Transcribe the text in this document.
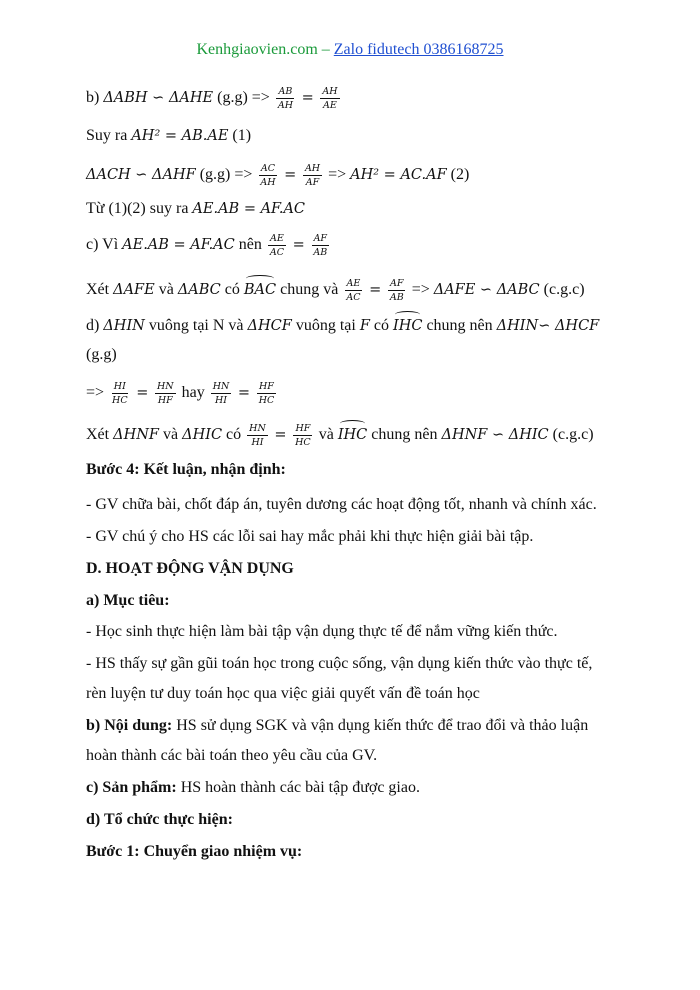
Kenhgiaovien.com – Zalo fidutech 0386168725
b) ΔABH ∽ ΔAHE $(g.g) => \frac{AB}{AH} = \frac{AH}{AE}$
Suy ra AH² = AB.AE (1)
ΔACH ∽ ΔAHF $(g.g) => \frac{AC}{AH} = \frac{AH}{AF} => AH^2 = AC.AF$ (2)
Từ (1)(2) suy ra AE.AB = AF.AC
c) Vì AE.AB = AF.AC nên $\frac{AE}{AC} = \frac{AF}{AB}$
Xét ΔAFE và ΔABC có BAC chung và $\frac{AE}{AC} = \frac{AF}{AB} => \Delta AFE$ ∽ ΔABC (c.g.c)
d) ΔHIN vuông tại N và ΔHCF vuông tại F có IHC chung nên ΔHIN∽ ΔHCF
(g.g)
=> $\frac{HI}{HC} = \frac{HN}{HF}$ hay $\frac{HN}{HI} = \frac{HF}{HC}$
Xét ΔHNF và ΔHIC có $\frac{HN}{HI} = \frac{HF}{HC}$ và IHC chung nên ΔHNF ∽ ΔHIC (c.g.c)
Bước 4: Kết luận, nhận định:
- GV chữa bài, chốt đáp án, tuyên dương các hoạt động tốt, nhanh và chính xác.
- GV chú ý cho HS các lỗi sai hay mắc phải khi thực hiện giải bài tập.
D. HOẠT ĐỘNG VẬN DỤNG
a) Mục tiêu:
- Học sinh thực hiện làm bài tập vận dụng thực tế để nắm vững kiến thức.
- HS thấy sự gần gũi toán học trong cuộc sống, vận dụng kiến thức vào thực tế,
rèn luyện tư duy toán học qua việc giải quyết vấn đề toán học
b) Nội dung: HS sử dụng SGK và vận dụng kiến thức để trao đổi và thảo luận
hoàn thành các bài toán theo yêu cầu của GV.
c) Sản phẩm: HS hoàn thành các bài tập được giao.
d) Tổ chức thực hiện:
Bước 1: Chuyển giao nhiệm vụ:
